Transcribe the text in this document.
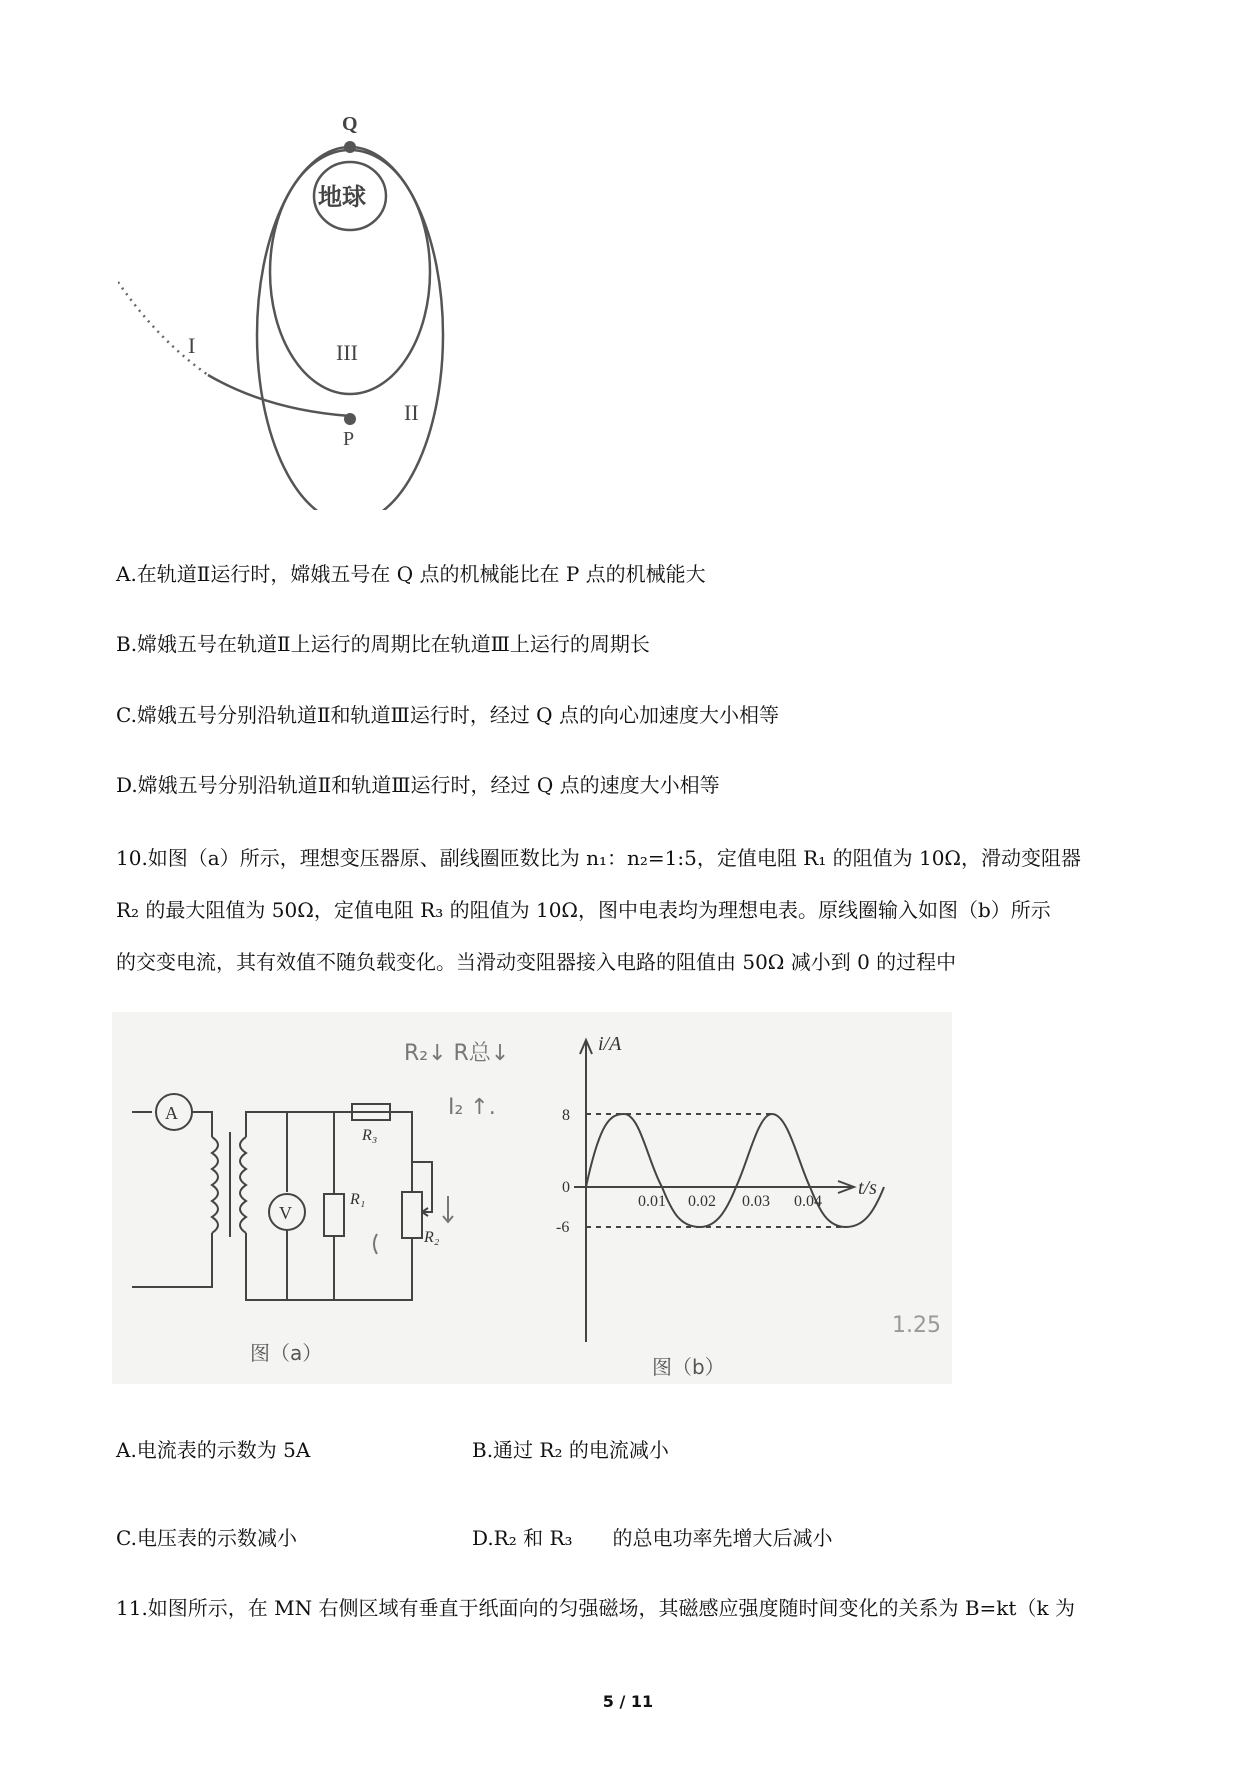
Q
P
地球
I	III
II
A.在轨道Ⅱ运行时，嫦娥五号在 Q 点的机械能比在 P 点的机械能大
B.嫦娥五号在轨道Ⅱ上运行的周期比在轨道Ⅲ上运行的周期长
C.嫦娥五号分别沿轨道Ⅱ和轨道Ⅲ运行时，经过 Q 点的向心加速度大小相等
D.嫦娥五号分别沿轨道Ⅱ和轨道Ⅲ运行时，经过 Q 点的速度大小相等
10.如图（a）所示，理想变压器原、副线圈匝数比为 n₁：n₂=1:5，定值电阻 R₁ 的阻值为 10Ω，滑动变阻器
R₂ 的最大阻值为 50Ω，定值电阻 R₃ 的阻值为 10Ω，图中电表均为理想电表。原线圈输入如图（b）所示
的交变电流，其有效值不随负载变化。当滑动变阻器接入电路的阻值由 50Ω 减小到 0 的过程中
A
V
R₁
R₂
R₃
R₂↓ R总↓
I₂ ↑.
1.25
图（a）
图（b）
i/A
t/s
8
0
-6
0.01 0.02 0.03 0.04
A.电流表的示数为 5A	B.通过 R₂ 的电流减小
C.电压表的示数减小	D.R₂ 和 R₃　　的总电功率先增大后减小
11.如图所示，在 MN 右侧区域有垂直于纸面向的匀强磁场，其磁感应强度随时间变化的关系为 B=kt（k 为
5 / 11
